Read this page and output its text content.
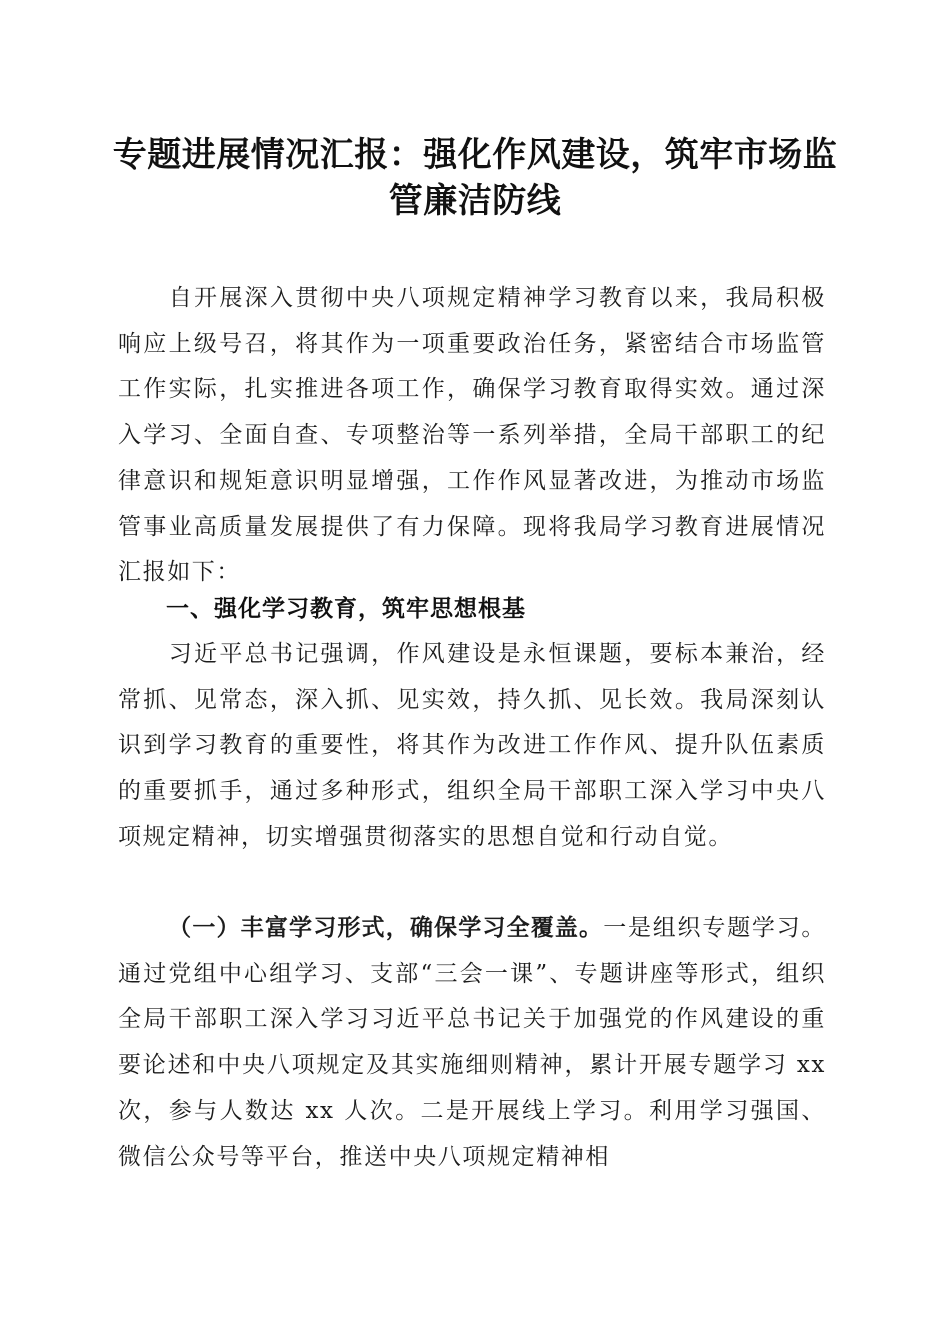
专题进展情况汇报：强化作风建设，筑牢市场监管廉洁防线

自开展深入贯彻中央八项规定精神学习教育以来，我局积极响应上级号召，将其作为一项重要政治任务，紧密结合市场监管工作实际，扎实推进各项工作，确保学习教育取得实效。通过深入学习、全面自查、专项整治等一系列举措，全局干部职工的纪律意识和规矩意识明显增强，工作作风显著改进，为推动市场监管事业高质量发展提供了有力保障。现将我局学习教育进展情况汇报如下：

一、强化学习教育，筑牢思想根基

习近平总书记强调，作风建设是永恒课题，要标本兼治，经常抓、见常态，深入抓、见实效，持久抓、见长效。我局深刻认识到学习教育的重要性，将其作为改进工作作风、提升队伍素质的重要抓手，通过多种形式，组织全局干部职工深入学习中央八项规定精神，切实增强贯彻落实的思想自觉和行动自觉。

（一）丰富学习形式，确保学习全覆盖。一是组织专题学习。通过党组中心组学习、支部“三会一课”、专题讲座等形式，组织全局干部职工深入学习习近平总书记关于加强党的作风建设的重要论述和中央八项规定及其实施细则精神，累计开展专题学习 xx 次，参与人数达 xx 人次。二是开展线上学习。利用学习强国、微信公众号等平台，推送中央八项规定精神相
